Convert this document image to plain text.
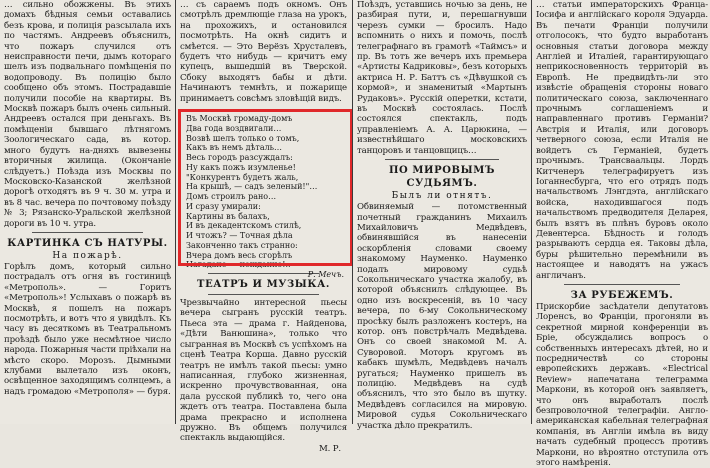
… сильно обожжены. Въ этихъ домахъ бѣдныя семьи оставались безъ крова, и полиція разсылала ихъ по частямъ. Андреевъ объяснилъ, что пожаръ случился отъ неисправности печи, дымъ котораго шелъ изъ подвальнаго помѣщенія по водопроводу. Въ полицію было сообщено объ этомъ. Пострадавшіе получили пособіе на квартиры. Въ Москвѣ пожаръ былъ очень сильный. Андреевъ остался при деньгахъ. Въ помѣщеніи бывшаго лѣтнягомъ Зоологическаго сада, въ котор. много будутъ на-дняхъ вывезены вторичныя жилища. (Окончаніе слѣдуетъ.) Поѣзда изъ Москвы по Московско-Казанской желѣзной дорогѣ отходятъ въ 9 ч. 30 м. утра и въ 8 час. вечера по почтовому поѣзду № 3; Рязанско-Уральской желѣзной дороги въ 10 ч. утра.

КАРТИНКА СЪ НАТУРЫ.
На пожарѣ.

Горѣлъ домъ, который сильно пострадалъ отъ огня въ гостиницѣ «Метрополь». — Горитъ «Метрополь»! Услыхавъ о пожарѣ въ Москвѣ, я пошелъ на пожаръ посмотрѣть, и вотъ что я увидѣлъ. Къ часу въ десяткомъ въ Театральномъ проѣздѣ было уже несмѣтное число народа. Пожарныя части пріѣхали на мѣсто скоро. Морозъ. Дымными клубами вылетало изъ оконъ, освѣщенное заходящимъ солнцемъ, а надъ громадою «Метрополя» — буря.

… съ сараемъ подъ окномъ. Онъ смотрѣлъ дремлющіе глаза на урокъ, на прохожихъ, и остановился посмотрѣть. На окнѣ сидитъ и смѣется. — Это Верёзъ Хрусталевъ, будетъ что нибудь — кричитъ ему купецъ, вышедшій въ Тверской. Сбоку выходятъ бабы и дѣти. Начинаютъ темнѣть, и пожарище принимаетъ совсѣмъ зловѣщій видъ.

ТЕАТРЪ И МУЗЫКА.

Чрезвычайно интересной пьесы вечера сыгранъ русскій театръ. Пьеса эта — драма г. Найденова, «Дѣти Ванюшина», только что сыгранная въ Москвѣ съ успѣхомъ на сценѣ Театра Корша. Давно русскій театръ не имѣлъ такой пьесы: умно написанная, глубоко жизненная, искренно прочувствованная, она дала русской публикѣ то, чего она ждетъ отъ театра. Поставлена была драма прекрасно и исполнена дружно. Въ общемъ получился спектакль выдающійся.

М. Р.
Въ Москвѣ громаду-домъ
Два года воздвигали…
Возвѣ шелъ только о томъ,
Какъ въ немъ дѣталь…
Весь городъ разсуждалъ:
Ну какъ пожъ изумленье!
"Конкурентъ будетъ жаль,
На крышѣ, — садъ зеленый!"…
Домъ строилъ рано…
И сразу умирали:
Картины въ балахъ,
И въ декадентскомъ стилѣ,
И чтожъ? — Точная дѣла
Законченно такъ странно:
Вчера домъ весь сгорѣлъ
Нагадано — нежданно!..
Р. Мечъ.

Поѣздъ, уставшись ночью за день, не разбирая пути, и, перешагнувши черезъ сумки — бросилъ. Надо вспомнить о нихъ и помочь, послѣ телеграфнаго въ грамотѣ «Таймсъ» и пр. Въ тотъ же вечеръ ихъ премьера «Артисты Кадриковы», безъ которыхъ актриса Н. Р. Баттъ съ «Дѣвушкой съ кормой», и знаменитый «Мартынъ Рудаковъ». Русскій оперетки, кстати, въ Москвѣ состоялась. Послѣ состоялся спектакль, подъ управленіемъ А. А. Царюкина, — известнѣйшаго московскихъ танцоровъ и танцовщицъ…

ПО МИРОВЫМЪ СУДЬЯМЪ.
Былъ ли отнятъ.

Обвиняемый — потомственный почетный гражданинъ Михаилъ Михайловичъ Медвѣдевъ, обвинявшійся въ нанесеніи оскорбленія словами своему знакомому Науменко. Науменко подалъ мировому судьѣ Сокольническаго участка жалобу, въ которой объяснилъ слѣдующее. Въ одно изъ воскресеній, въ 10 часу вечера, по 6-му Сокольническому просѣку былъ разложенъ костеръ, на котор. онъ повстрѣчалъ Медвѣдева. Онъ со своей знакомой М. А. Суворовой. Моторъ кругомъ въ кабакъ шумѣлъ, Медвѣдевъ началъ ругаться; Науменко пришелъ въ полицію. Медвѣдевъ на судѣ объяснилъ, что это было въ шутку. Медвѣдевъ согласился на мировую. Мировой судья Сокольническаго участка дѣло прекратилъ.

… статьи императорскихъ Франца-Іосифа и англійскаго короля Эдуарда. Въ печати Франціи получили отголосокъ, что будто выработанъ основныя статьи договора между Англіей и Италіей, гарантирующаго неприкосновенность территорій въ Европѣ. Не предвидѣть-ли это извѣстіе обращенія стороны новаго политическаго союза, заключеннаго прочнымъ соглашеніемъ и направленнаго противъ Германіи? Австрія и Италія, или договоръ четверного союза, если Италія не войдетъ съ Германіей, будетъ прочнымъ. Трансваальцы. Лордъ Китченеръ телеграфируетъ изъ Іоганнесбурга, что его отрядъ подъ начальствомъ Лэнгдэта, англійскаго войска, находившагося подъ начальствомъ предводителя Деларея, былъ взятъ въ плѣнъ буровъ около Девентерса. Бѣдность и голодъ разрываютъ сердца ея. Таковы дѣла, буры рѣшительно перемѣнили въ настоящее и наводятъ на ужасъ англичанъ.

ЗА РУБЕЖЕМЪ.

Прискорбие засѣдатели депутатовъ Лоренсъ, во Франціи, прогоняли въ секретной мирной конференціи въ Бріе, обсуждались вопросъ о собственныхъ интересахъ дѣтей, но и посредничествѣ со стороны европейскихъ державъ. «Electrical Review» напечатана телеграмма Маркони, въ которой онъ заявляетъ, что онъ выработалъ послѣ безпроволочной телеграфіи. Англо-американская кабельная телеграфная компанія, въ Англіи имѣла въ виду начать судебный процессъ противъ Маркони, но вѣроятно отступила отъ этого намѣренія.
